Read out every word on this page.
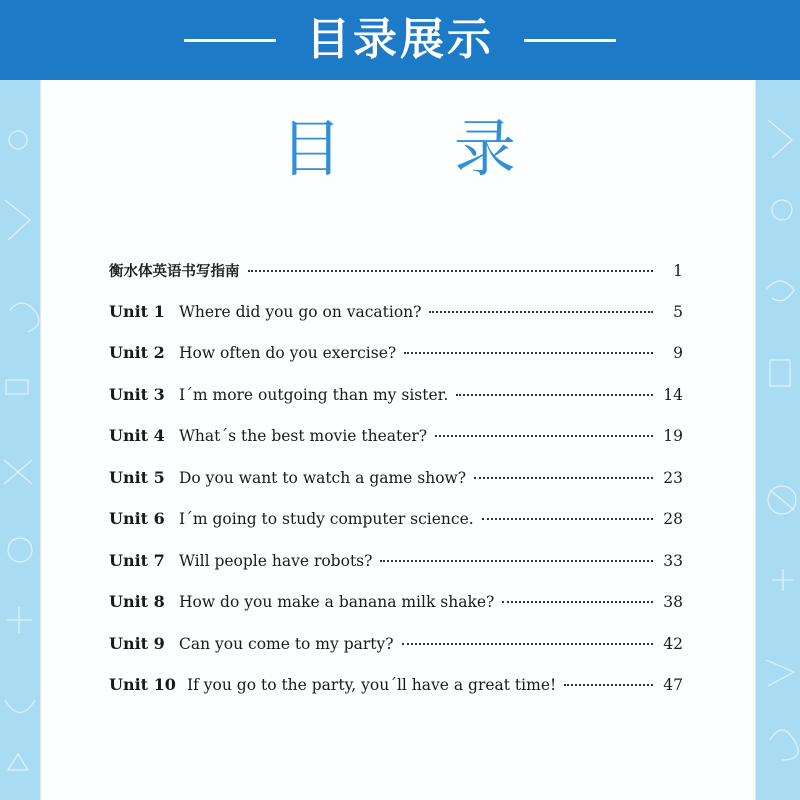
目录展示
目 录
衡水体英语书写指南	1
Unit 1 Where did you go on vacation?	5
Unit 2 How often do you exercise?	9
Unit 3 I´m more outgoing than my sister.	14
Unit 4 What´s the best movie theater?	19
Unit 5 Do you want to watch a game show?	23
Unit 6 I´m going to study computer science.	28
Unit 7 Will people have robots?	33
Unit 8 How do you make a banana milk shake?	38
Unit 9 Can you come to my party?	42
Unit 10 If you go to the party, you´ll have a great time!	47
